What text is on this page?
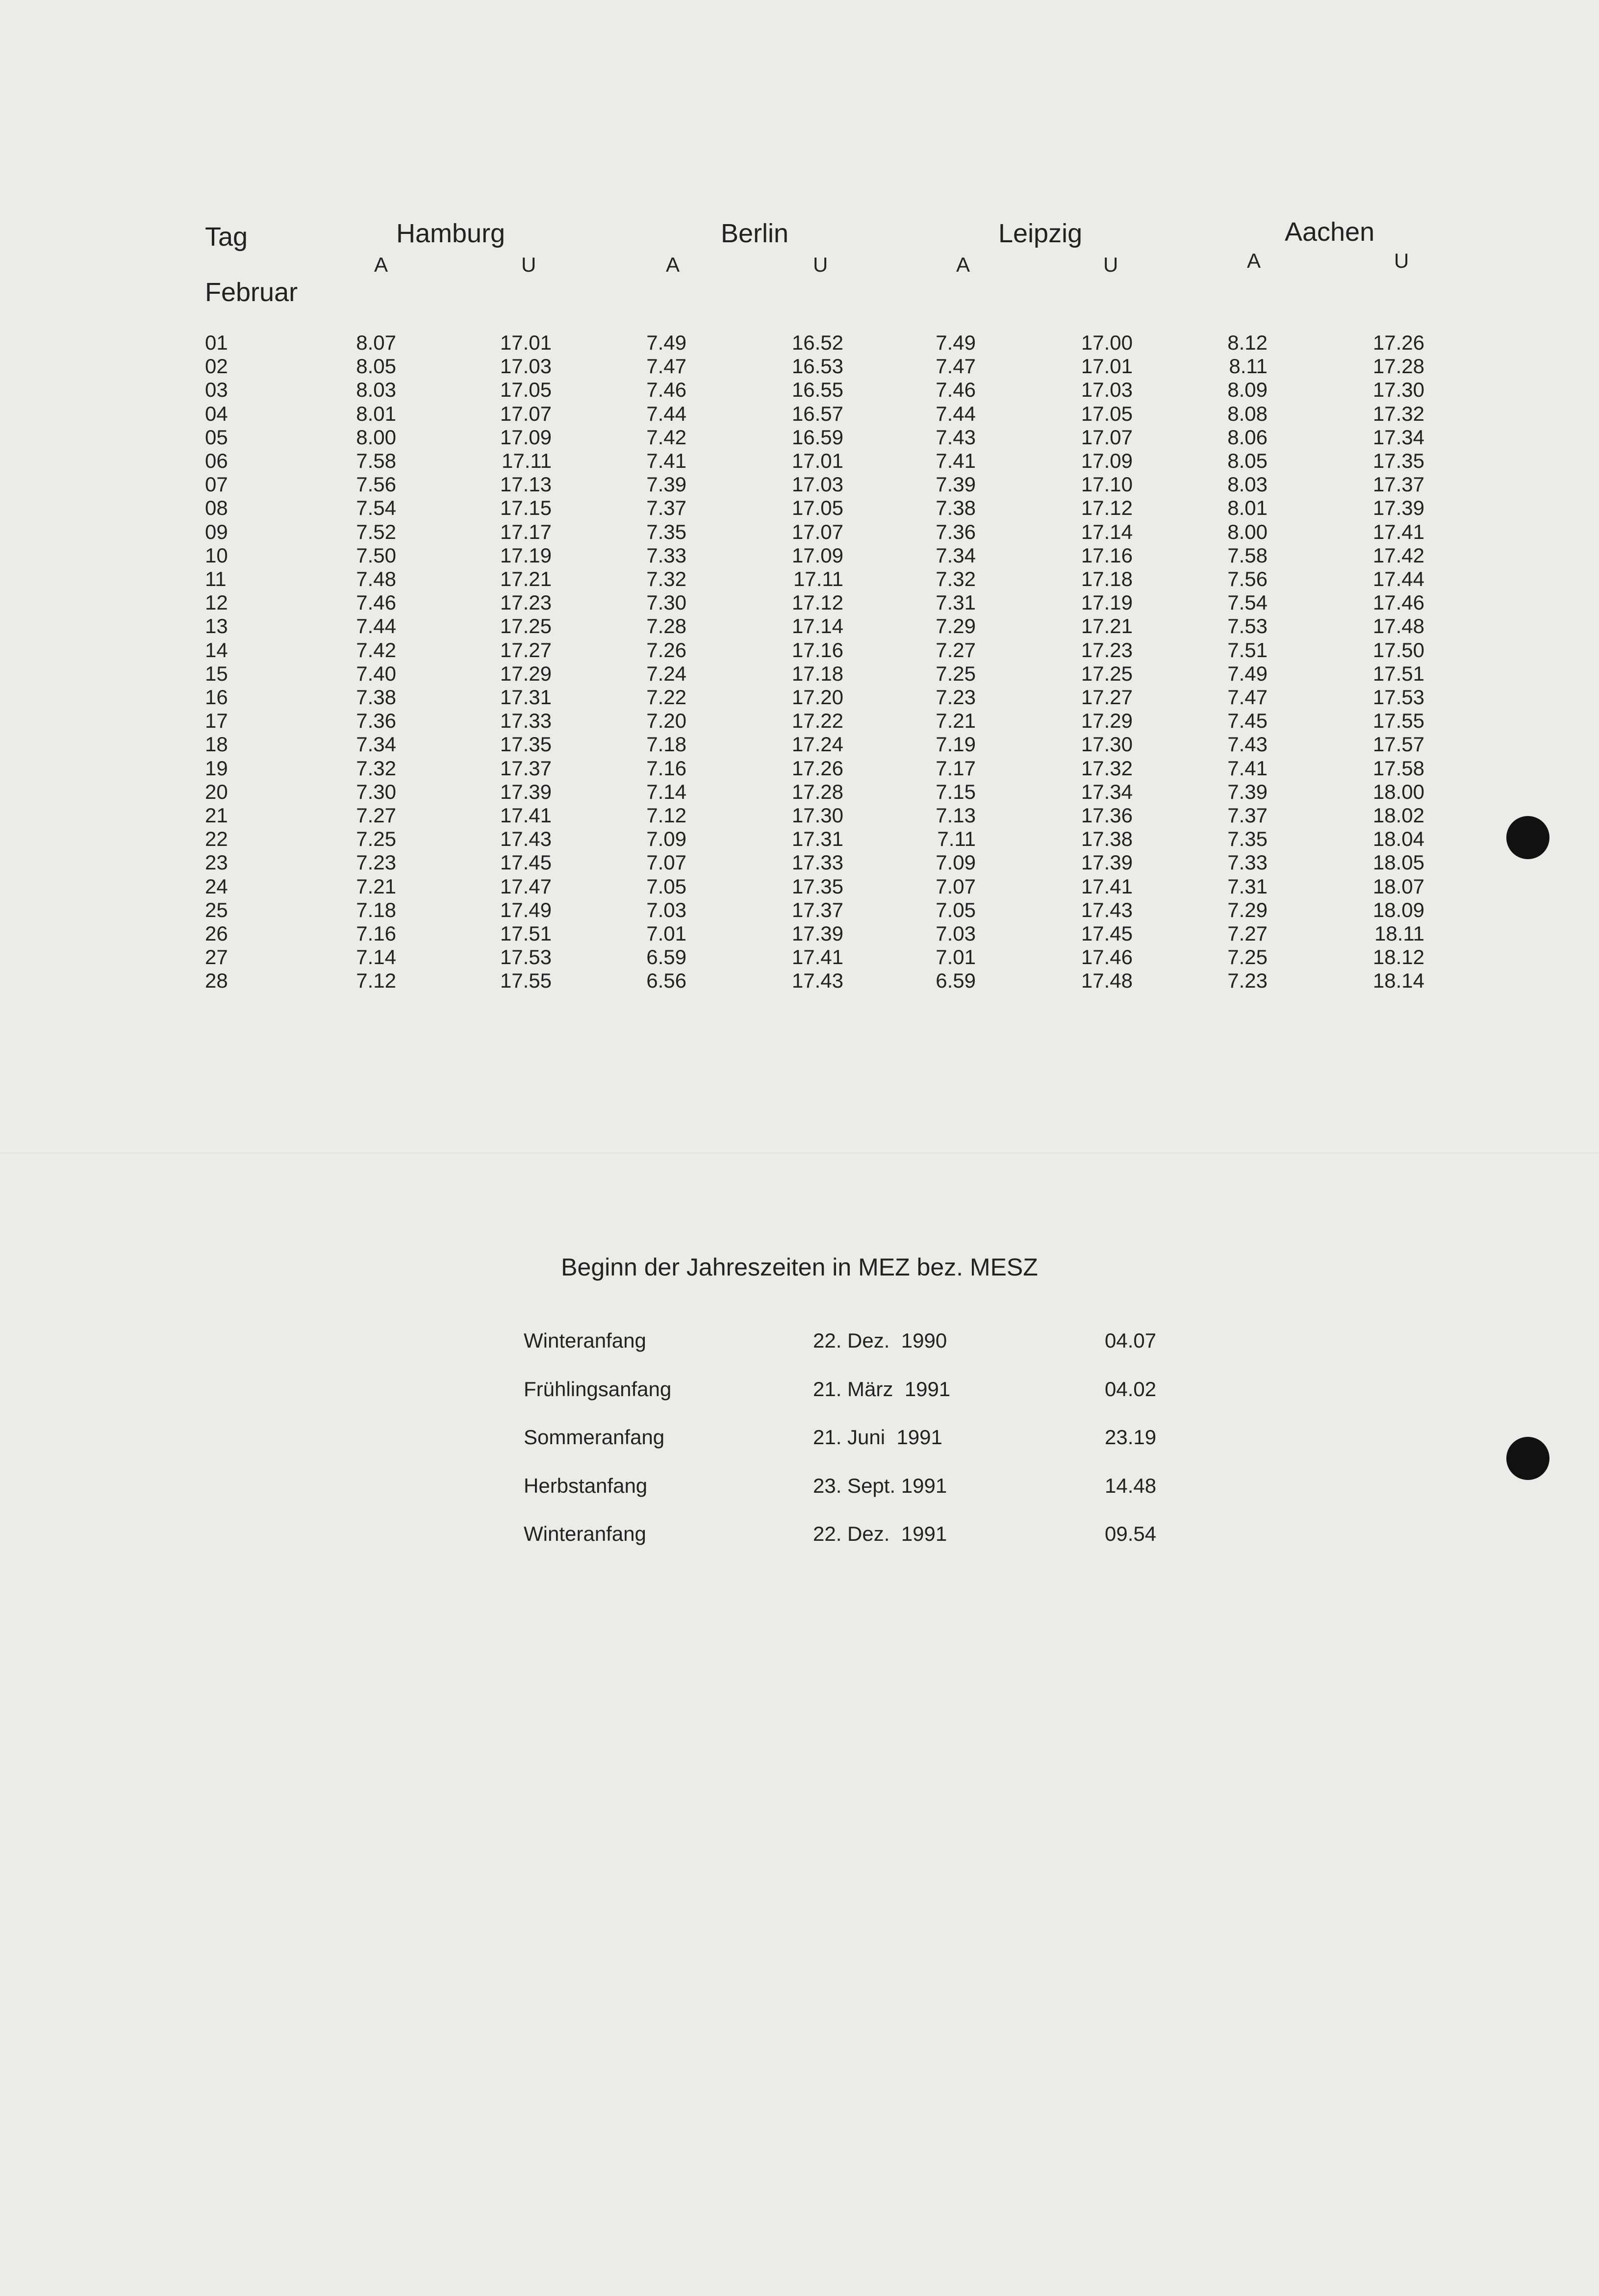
Tag
Februar
Hamburg
A	U
Berlin
A	U
Leipzig
A	U
Aachen
A	U
01	8.07	17.01	7.49	16.52	7.49	17.00	8.12	17.26
02	8.05	17.03	7.47	16.53	7.47	17.01	8.11	17.28
03	8.03	17.05	7.46	16.55	7.46	17.03	8.09	17.30
04	8.01	17.07	7.44	16.57	7.44	17.05	8.08	17.32
05	8.00	17.09	7.42	16.59	7.43	17.07	8.06	17.34
06	7.58	17.11	7.41	17.01	7.41	17.09	8.05	17.35
07	7.56	17.13	7.39	17.03	7.39	17.10	8.03	17.37
08	7.54	17.15	7.37	17.05	7.38	17.12	8.01	17.39
09	7.52	17.17	7.35	17.07	7.36	17.14	8.00	17.41
10	7.50	17.19	7.33	17.09	7.34	17.16	7.58	17.42
11	7.48	17.21	7.32	17.11	7.32	17.18	7.56	17.44
12	7.46	17.23	7.30	17.12	7.31	17.19	7.54	17.46
13	7.44	17.25	7.28	17.14	7.29	17.21	7.53	17.48
14	7.42	17.27	7.26	17.16	7.27	17.23	7.51	17.50
15	7.40	17.29	7.24	17.18	7.25	17.25	7.49	17.51
16	7.38	17.31	7.22	17.20	7.23	17.27	7.47	17.53
17	7.36	17.33	7.20	17.22	7.21	17.29	7.45	17.55
18	7.34	17.35	7.18	17.24	7.19	17.30	7.43	17.57
19	7.32	17.37	7.16	17.26	7.17	17.32	7.41	17.58
20	7.30	17.39	7.14	17.28	7.15	17.34	7.39	18.00
21	7.27	17.41	7.12	17.30	7.13	17.36	7.37	18.02
22	7.25	17.43	7.09	17.31	7.11	17.38	7.35	18.04
23	7.23	17.45	7.07	17.33	7.09	17.39	7.33	18.05
24	7.21	17.47	7.05	17.35	7.07	17.41	7.31	18.07
25	7.18	17.49	7.03	17.37	7.05	17.43	7.29	18.09
26	7.16	17.51	7.01	17.39	7.03	17.45	7.27	18.11
27	7.14	17.53	6.59	17.41	7.01	17.46	7.25	18.12
28	7.12	17.55	6.56	17.43	6.59	17.48	7.23	18.14
Beginn der Jahreszeiten in MEZ bez. MESZ
Winteranfang	22. Dez.  1990	04.07
Frühlingsanfang	21. März  1991	04.02
Sommeranfang	21. Juni  1991	23.19
Herbstanfang	23. Sept. 1991	14.48
Winteranfang	22. Dez.  1991	09.54
